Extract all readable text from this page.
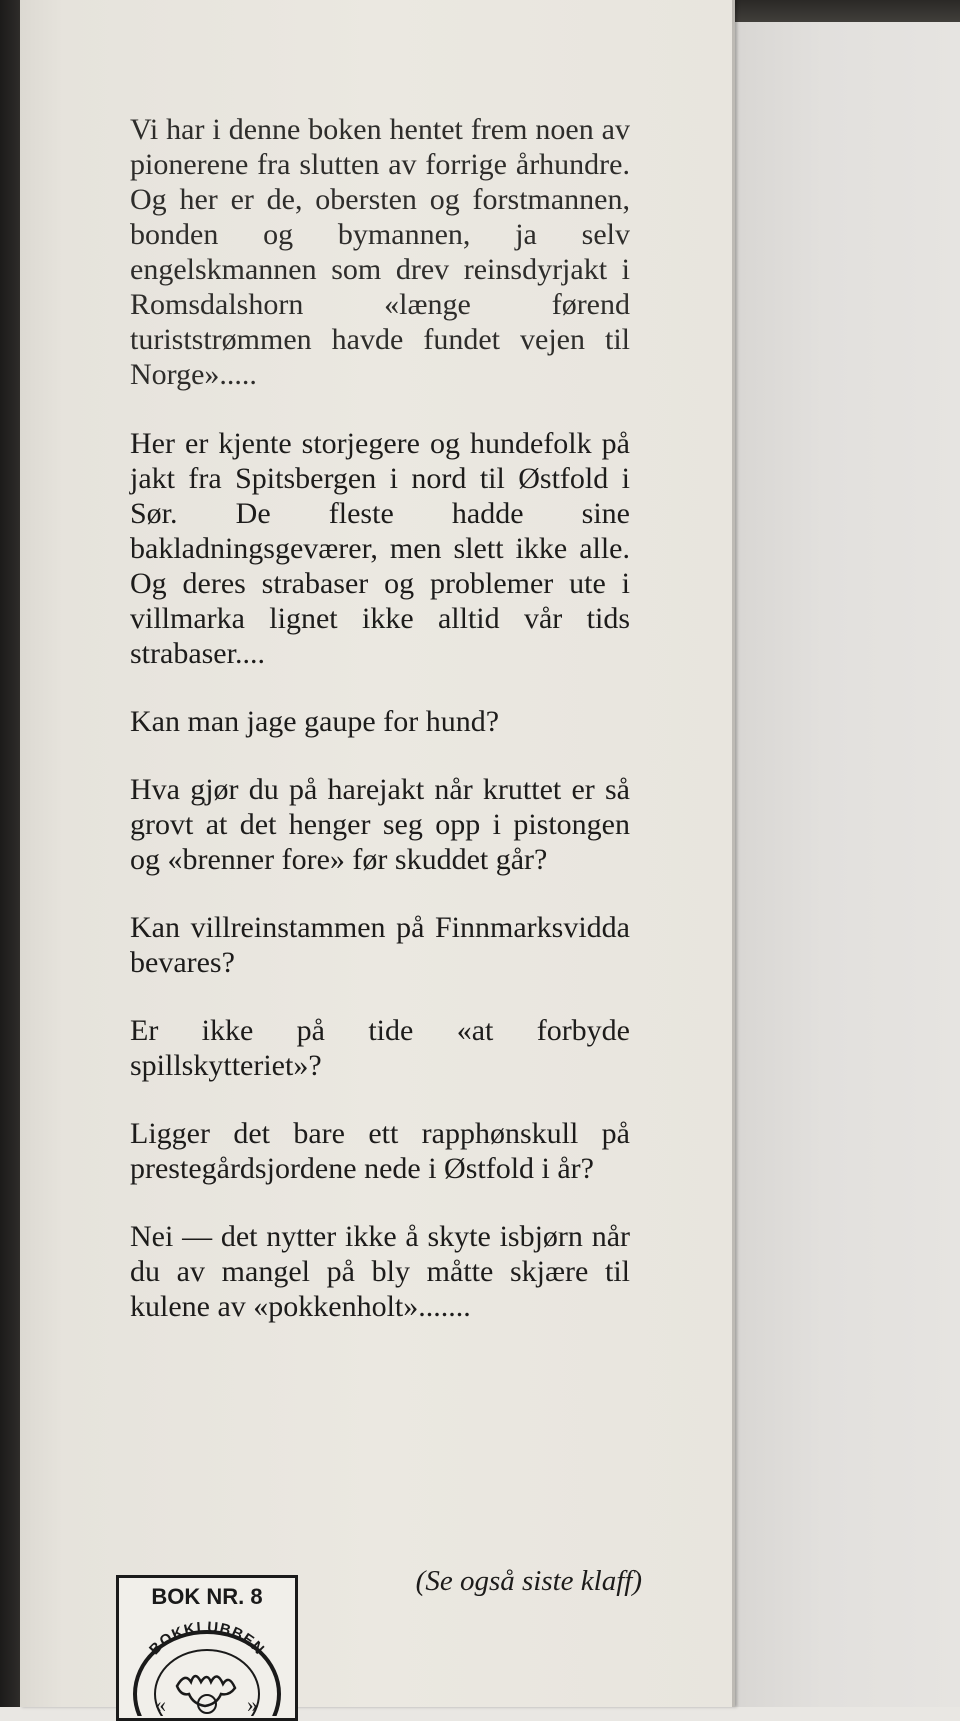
Vi har i denne boken hentet frem noen av pionerene fra slutten av forrige århundre. Og her er de, obersten og forstmannen, bonden og bymannen, ja selv engelskmannen som drev reinsdyrjakt i Romsdalshorn «længe førend turiststrømmen havde fundet vejen til Norge».....

Her er kjente storjegere og hundefolk på jakt fra Spitsbergen i nord til Østfold i Sør. De fleste hadde sine bakladningsgeværer, men slett ikke alle. Og deres strabaser og problemer ute i villmarka lignet ikke alltid vår tids strabaser....

Kan man jage gaupe for hund?

Hva gjør du på harejakt når kruttet er så grovt at det henger seg opp i pistongen og «brenner fore» før skuddet går?

Kan villreinstammen på Finnmarksvidda bevares?

Er ikke på tide «at forbyde spillskytteriet»?

Ligger det bare ett rapphønskull på prestegårdsjordene nede i Østfold i år?

Nei — det nytter ikke å skyte isbjørn når du av mangel på bly måtte skjære til kulene av «pokkenholt».......

(Se også siste klaff)
BOK NR. 8
BOKKLUBBEN
«	»
